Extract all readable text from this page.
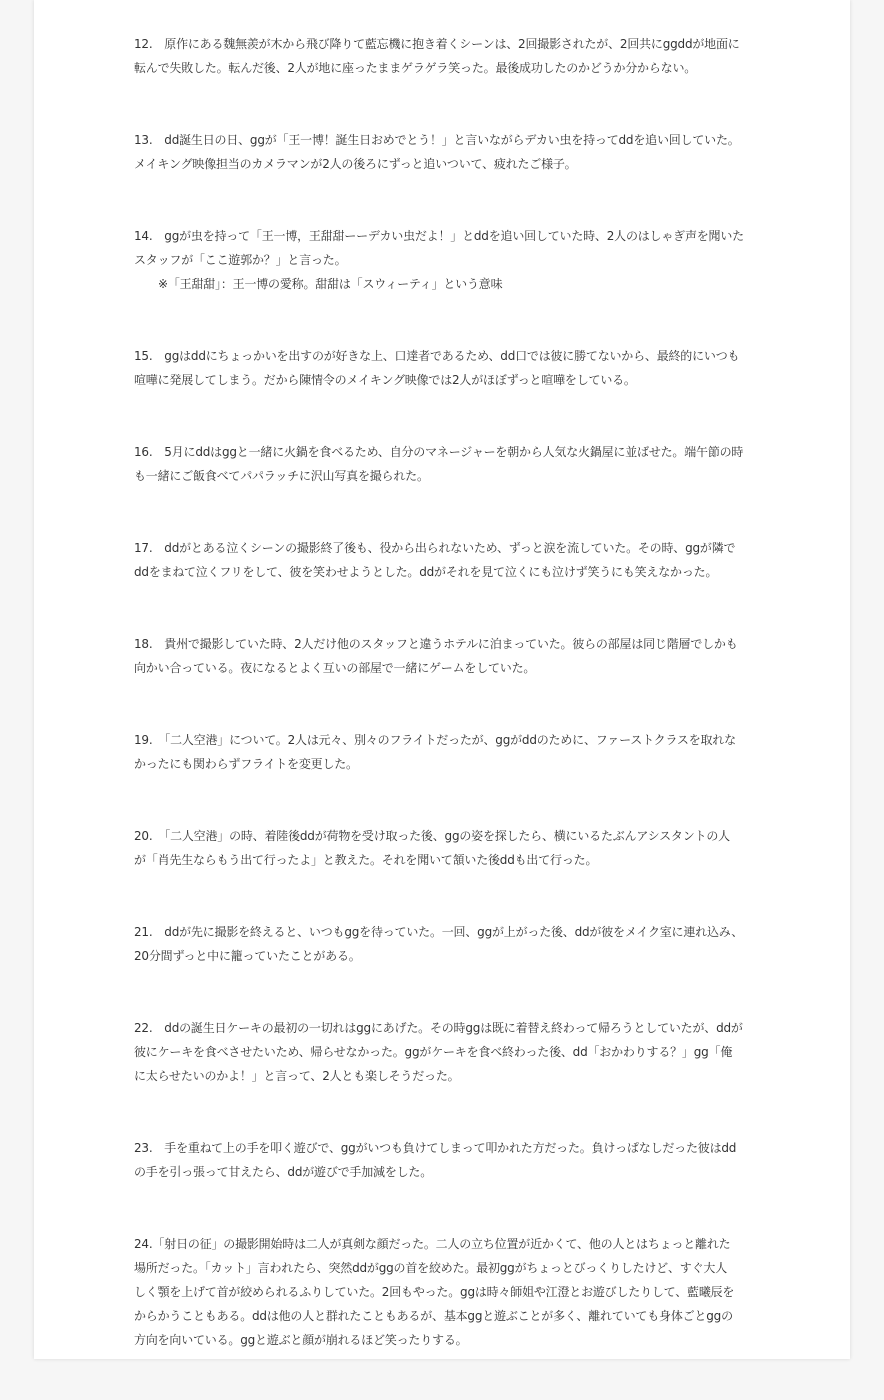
12.　原作にある魏無羨が木から飛び降りて藍忘機に抱き着くシーンは、2回撮影されたが、2回共にggddが地面に
転んで失敗した。転んだ後、2人が地に座ったままゲラゲラ笑った。最後成功したのかどうか分からない。

13.　dd誕生日の日、ggが「王一博！誕生日おめでとう！」と言いながらデカい虫を持ってddを追い回していた。
メイキング映像担当のカメラマンが2人の後ろにずっと追いついて、疲れたご様子。

14.　ggが虫を持って「王一博，王甜甜ーーデカい虫だよ！」とddを追い回していた時、2人のはしゃぎ声を聞いた
スタッフが「ここ遊郭か？」と言った。
※「王甜甜」：王一博の愛称。甜甜は「スウィーティ」という意味

15.　ggはddにちょっかいを出すのが好きな上、口達者であるため、dd口では彼に勝てないから、最終的にいつも
喧嘩に発展してしまう。だから陳情令のメイキング映像では2人がほぼずっと喧嘩をしている。

16.　5月にddはggと一緒に火鍋を食べるため、自分のマネージャーを朝から人気な火鍋屋に並ばせた。端午節の時
も一緒にご飯食べてパパラッチに沢山写真を撮られた。

17.　ddがとある泣くシーンの撮影終了後も、役から出られないため、ずっと涙を流していた。その時、ggが隣で
ddをまねて泣くフリをして、彼を笑わせようとした。ddがそれを見て泣くにも泣けず笑うにも笑えなかった。

18.　貴州で撮影していた時、2人だけ他のスタッフと違うホテルに泊まっていた。彼らの部屋は同じ階層でしかも
向かい合っている。夜になるとよく互いの部屋で一緒にゲームをしていた。

19.　「二人空港」について。2人は元々、別々のフライトだったが、ggがddのために、ファーストクラスを取れな
かったにも関わらずフライトを変更した。

20.　「二人空港」の時、着陸後ddが荷物を受け取った後、ggの姿を探したら、横にいるたぶんアシスタントの人
が「肖先生ならもう出て行ったよ」と教えた。それを聞いて頷いた後ddも出て行った。

21.　ddが先に撮影を終えると、いつもggを待っていた。一回、ggが上がった後、ddが彼をメイク室に連れ込み、
20分間ずっと中に籠っていたことがある。

22.　ddの誕生日ケーキの最初の一切れはggにあげた。その時ggは既に着替え終わって帰ろうとしていたが、ddが
彼にケーキを食べさせたいため、帰らせなかった。ggがケーキを食べ終わった後、dd「おかわりする？」gg「俺
に太らせたいのかよ！」と言って、2人とも楽しそうだった。

23.　手を重ねて上の手を叩く遊びで、ggがいつも負けてしまって叩かれた方だった。負けっぱなしだった彼はdd
の手を引っ張って甘えたら、ddが遊びで手加減をした。

24.「射日の征」の撮影開始時は二人が真剣な顔だった。二人の立ち位置が近かくて、他の人とはちょっと離れた
場所だった。「カット」言われたら、突然ddがggの首を絞めた。最初ggがちょっとびっくりしたけど、すぐ大人
しく顎を上げて首が絞められるふりしていた。2回もやった。ggは時々師姐や江澄とお遊びしたりして、藍曦辰を
からかうこともある。ddは他の人と群れたこともあるが、基本ggと遊ぶことが多く、離れていても身体ごとggの
方向を向いている。ggと遊ぶと顔が崩れるほど笑ったりする。
